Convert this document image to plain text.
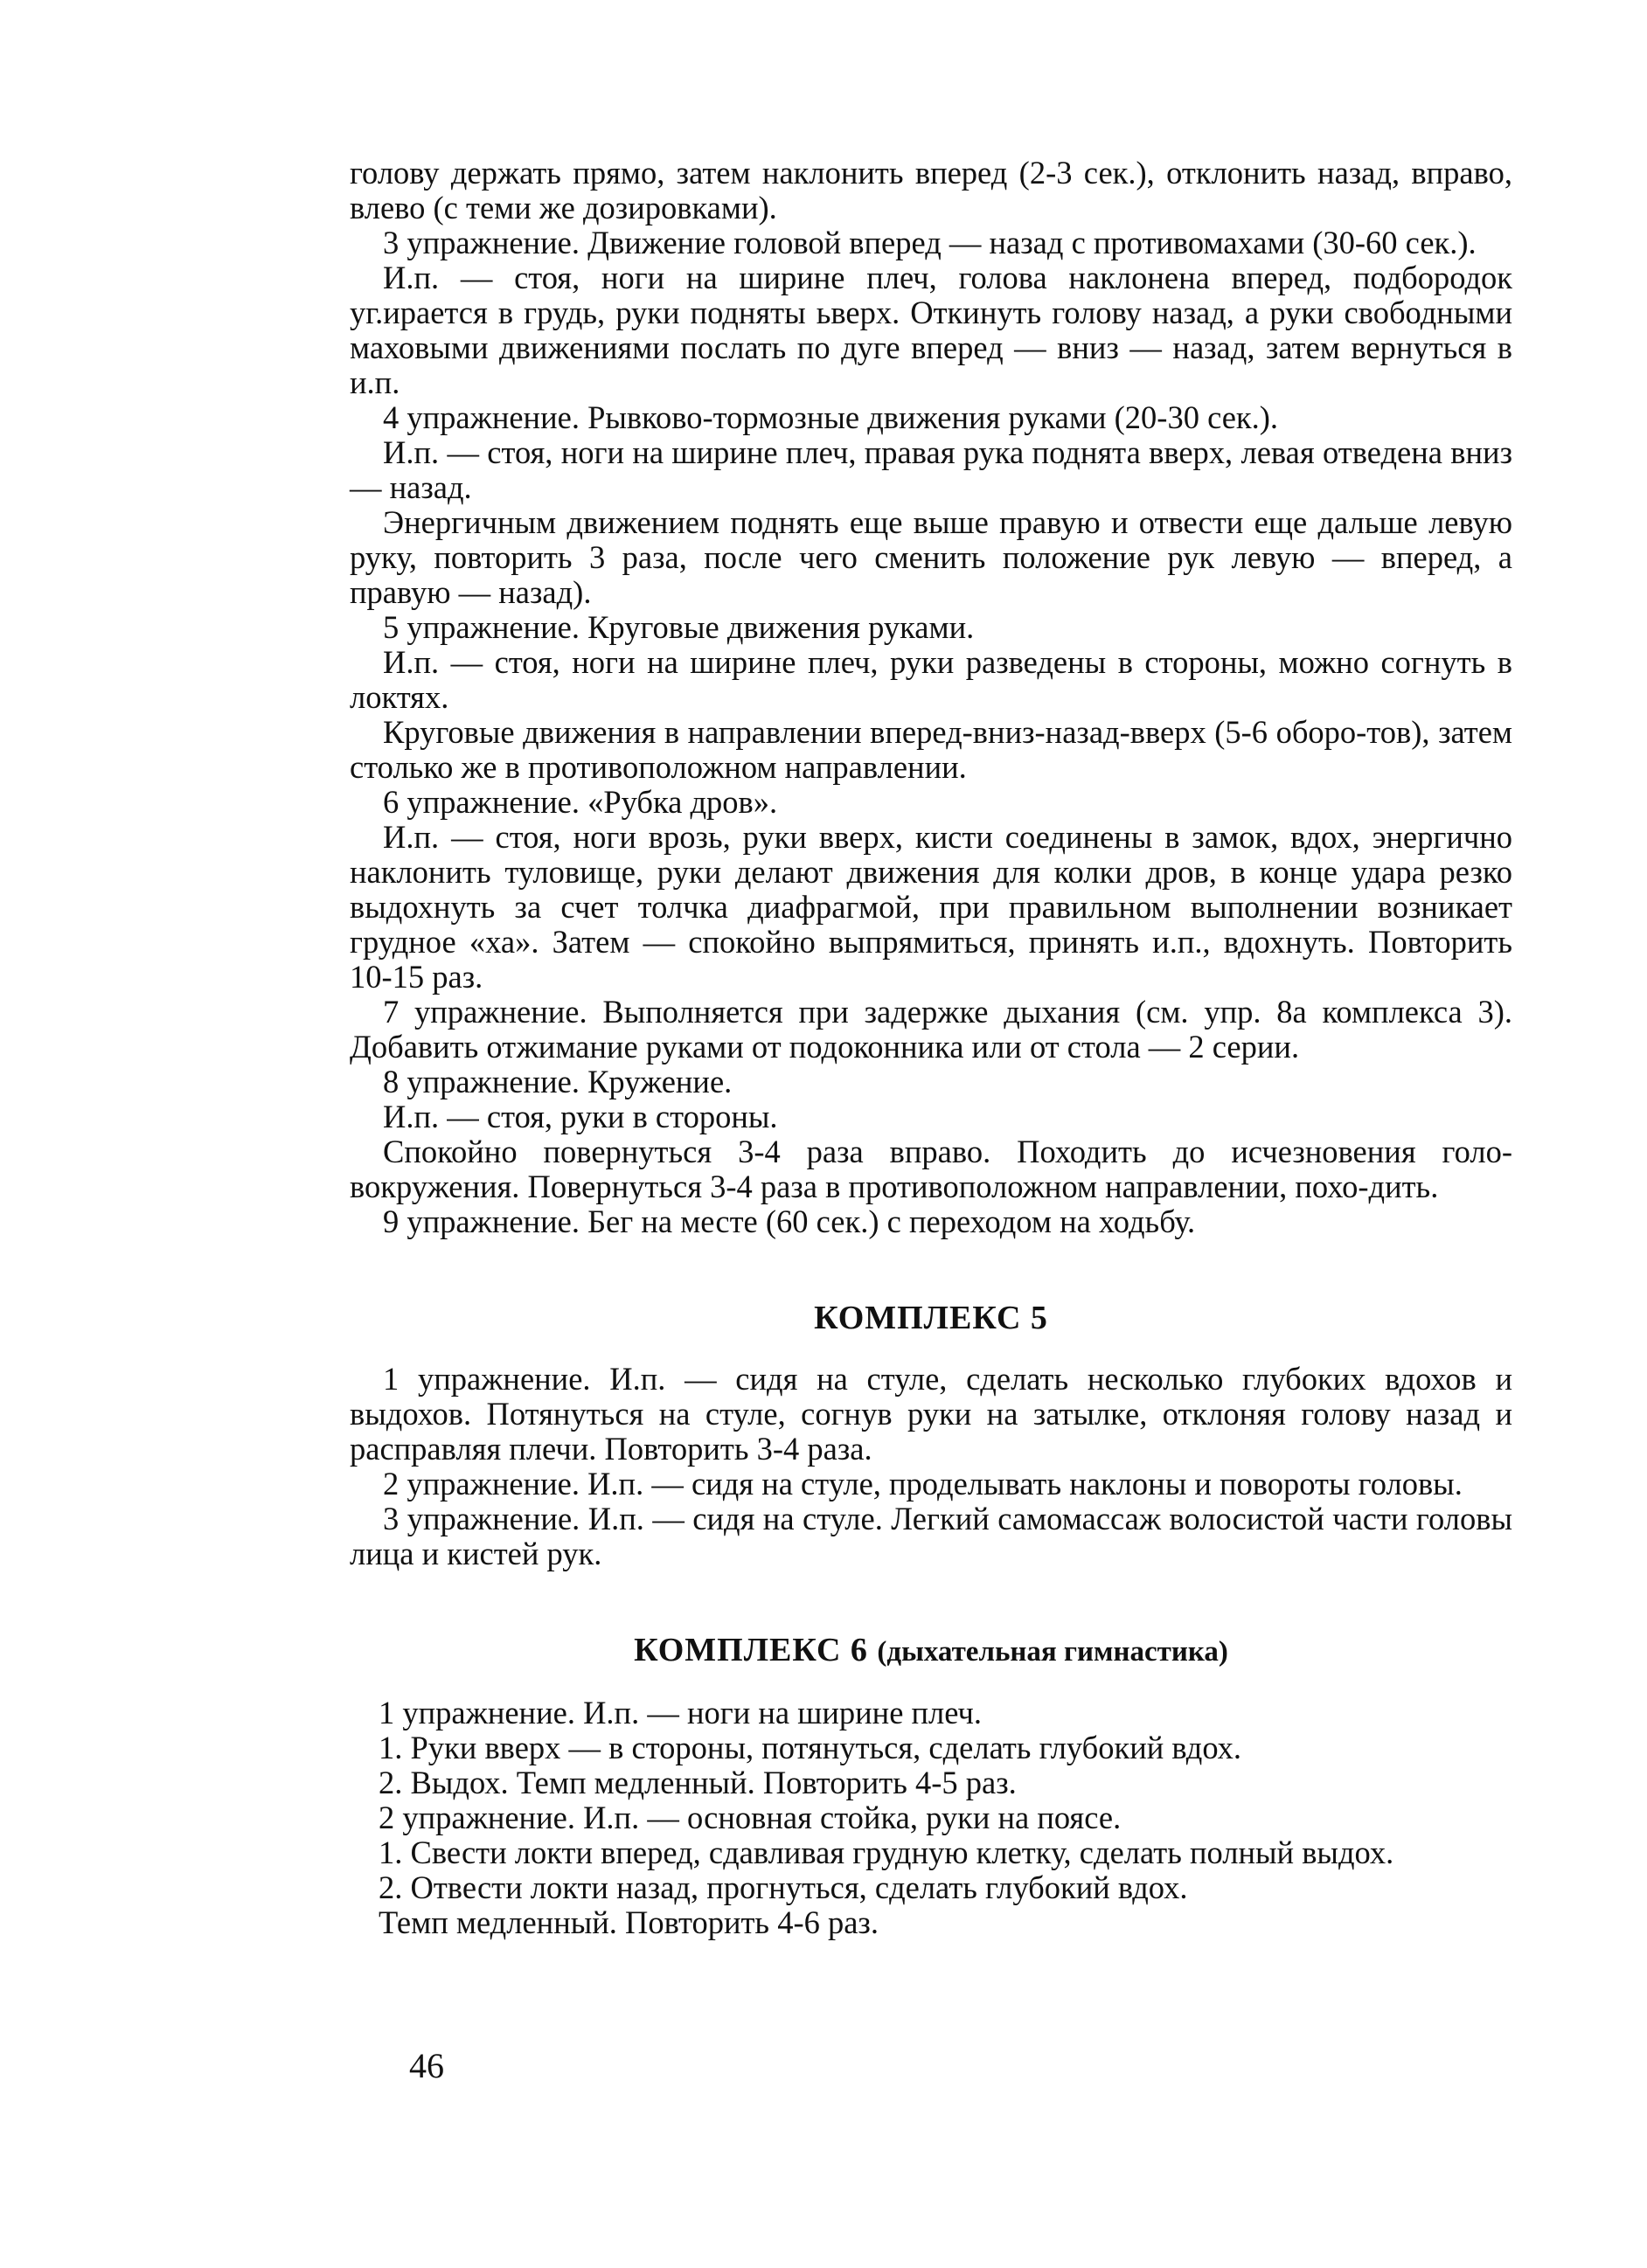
голову держать прямо, затем наклонить вперед (2-3 сек.), отклонить назад, вправо, влево (с теми же дозировками).

3 упражнение. Движение головой вперед — назад с противомахами (30-60 сек.).

И.п. — стоя, ноги на ширине плеч, голова наклонена вперед, подбородок уг.ирается в грудь, руки подняты ьверх. Откинуть голову назад, а руки свободными маховыми движениями послать по дуге вперед — вниз — назад, затем вернуться в и.п.

4 упражнение. Рывково-тормозные движения руками (20-30 сек.).

И.п. — стоя, ноги на ширине плеч, правая рука поднята вверх, левая отведена вниз — назад.

Энергичным движением поднять еще выше правую и отвести еще дальше левую руку, повторить 3 раза, после чего сменить положение рук левую — вперед, а правую — назад).

5 упражнение. Круговые движения руками.

И.п. — стоя, ноги на ширине плеч, руки разведены в стороны, можно согнуть в локтях.

Круговые движения в направлении вперед-вниз-назад-вверх (5-6 оборо-тов), затем столько же в противоположном направлении.

6 упражнение. «Рубка дров».

И.п. — стоя, ноги врозь, руки вверх, кисти соединены в замок, вдох, энергично наклонить туловище, руки делают движения для колки дров, в конце удара резко выдохнуть за счет толчка диафрагмой, при правильном выполнении возникает грудное «ха». Затем — спокойно выпрямиться, принять и.п., вдохнуть. Повторить 10-15 раз.

7 упражнение. Выполняется при задержке дыхания (см. упр. 8а комплекса 3). Добавить отжимание руками от подоконника или от стола — 2 серии.

8 упражнение. Кружение.

И.п. — стоя, руки в стороны.

Спокойно повернуться 3-4 раза вправо. Походить до исчезновения голо-вокружения. Повернуться 3-4 раза в противоположном направлении, похо-дить.

9 упражнение. Бег на месте (60 сек.) с переходом на ходьбу.

КОМПЛЕКС 5

1 упражнение. И.п. — сидя на стуле, сделать несколько глубоких вдохов и выдохов. Потянуться на стуле, согнув руки на затылке, отклоняя голову назад и расправляя плечи. Повторить 3-4 раза.

2 упражнение. И.п. — сидя на стуле, проделывать наклоны и повороты головы.

3 упражнение. И.п. — сидя на стуле. Легкий самомассаж волосистой части головы лица и кистей рук.

КОМПЛЕКС 6 (дыхательная гимнастика)

1 упражнение. И.п. — ноги на ширине плеч.

1. Руки вверх — в стороны, потянуться, сделать глубокий вдох.

2. Выдох. Темп медленный. Повторить 4-5 раз.

2 упражнение. И.п. — основная стойка, руки на поясе.

1. Свести локти вперед, сдавливая грудную клетку, сделать полный выдох.

2. Отвести локти назад, прогнуться, сделать глубокий вдох.

Темп медленный. Повторить 4-6 раз.

46
